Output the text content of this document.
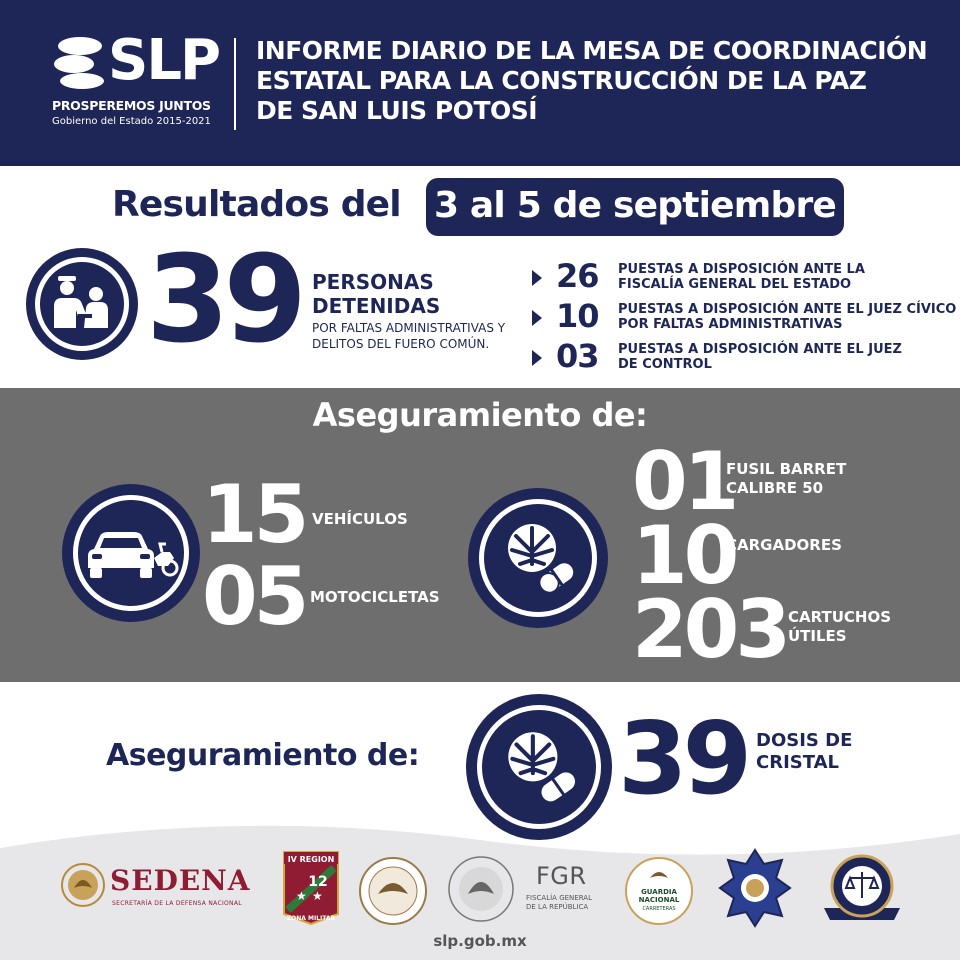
SLP
PROSPEREMOS JUNTOS
Gobierno del Estado 2015-2021
INFORME DIARIO DE LA MESA DE COORDINACIÓN
ESTATAL PARA LA CONSTRUCCIÓN DE LA PAZ
DE SAN LUIS POTOSÍ
Resultados del 3 al 5 de septiembre
39 PERSONAS
DETENIDAS
POR FALTAS ADMINISTRATIVAS Y
DELITOS DEL FUERO COMÚN.
26 PUESTAS A DISPOSICIÓN ANTE LA
FISCALÍA GENERAL DEL ESTADO
10 PUESTAS A DISPOSICIÓN ANTE EL JUEZ CÍVICO
POR FALTAS ADMINISTRATIVAS
03 PUESTAS A DISPOSICIÓN ANTE EL JUEZ
DE CONTROL
Aseguramiento de:
15 VEHÍCULOS
05 MOTOCICLETAS
01
FUSIL BARRET
CALIBRE 50
10
CARGADORES
203 CARTUCHOS
ÚTILES
Aseguramiento de: 39 DOSIS DE
CRISTAL
SEDENA
SECRETARÍA DE LA DEFENSA NACIONAL
IV REGION
12
★ ★
ZONA MILITAR
FGR
FISCALÍA GENERAL
DE LA REPÚBLICA
GUARDIA
NACIONAL
CARRETERAS
slp.gob.mx
